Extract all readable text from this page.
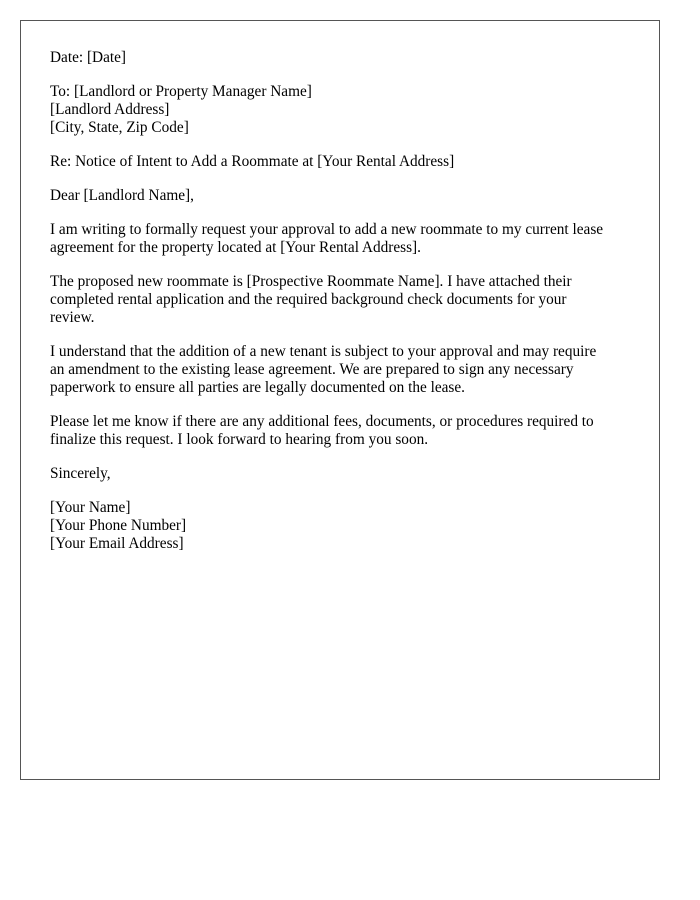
Date: [Date]

To: [Landlord or Property Manager Name]
[Landlord Address]
[City, State, Zip Code]

Re: Notice of Intent to Add a Roommate at [Your Rental Address]

Dear [Landlord Name],

I am writing to formally request your approval to add a new roommate to my current lease
agreement for the property located at [Your Rental Address].

The proposed new roommate is [Prospective Roommate Name]. I have attached their
completed rental application and the required background check documents for your
review.

I understand that the addition of a new tenant is subject to your approval and may require
an amendment to the existing lease agreement. We are prepared to sign any necessary
paperwork to ensure all parties are legally documented on the lease.

Please let me know if there are any additional fees, documents, or procedures required to
finalize this request. I look forward to hearing from you soon.

Sincerely,

[Your Name]
[Your Phone Number]
[Your Email Address]
